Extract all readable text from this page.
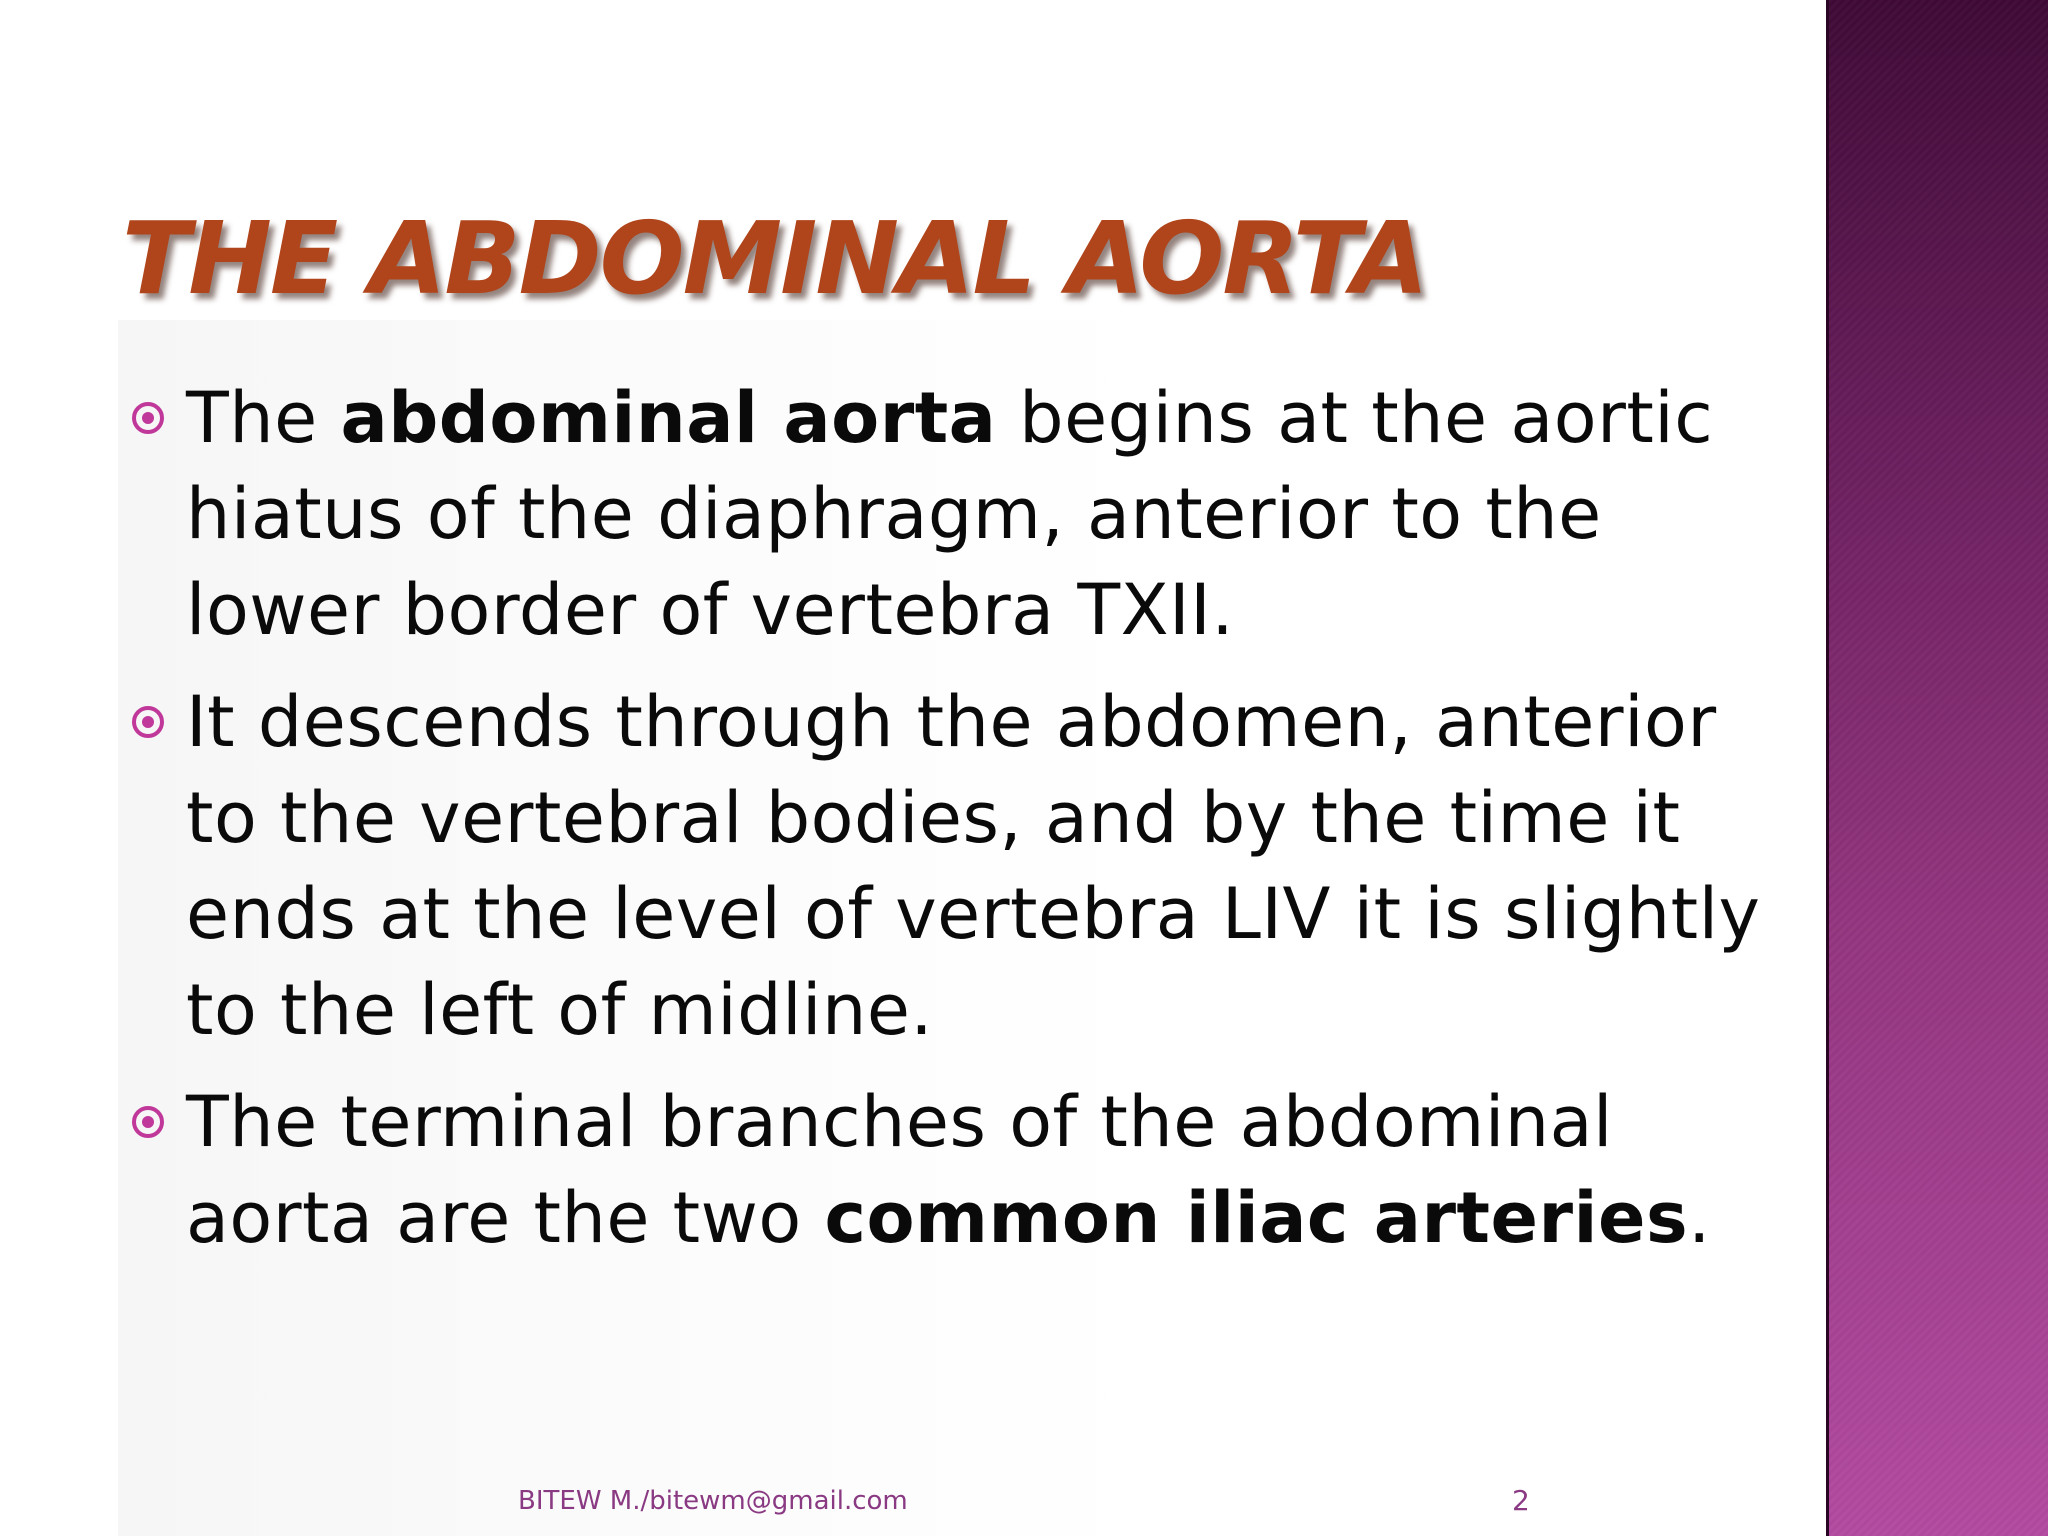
THE ABDOMINAL AORTA
The abdominal aorta begins at the aortic hiatus of the diaphragm, anterior to the lower border of vertebra TXII.
It descends through the abdomen, anterior to the vertebral bodies, and by the time it ends at the level of vertebra LIV it is slightly to the left of midline.
The terminal branches of the abdominal aorta are the two common iliac arteries.
BITEW M./bitewm@gmail.com	2
